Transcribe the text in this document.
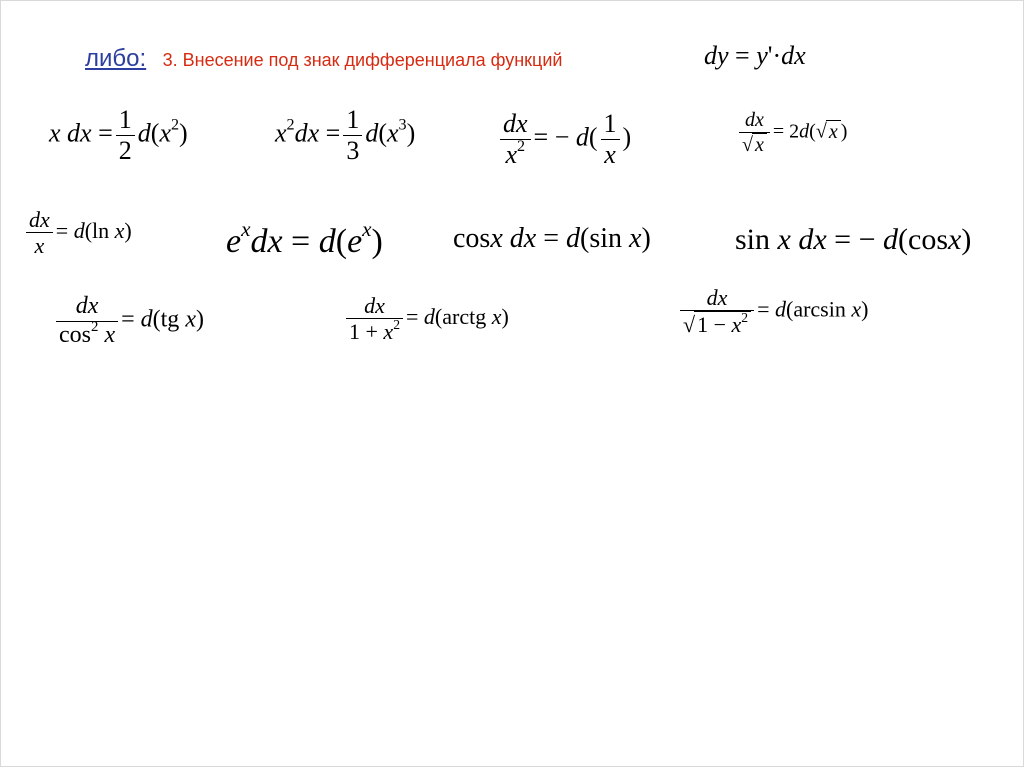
либо: 3. Внесение под знак дифференциала функций	dy = y'·dx
x dx = $\frac{1}{2} d(x^2)$	$x^2dx = \frac{1}{3} d(x^3)$	$\frac{dx}{x^2}$ = − $d( \frac{1}{x}$ )	$\frac{dx}{√ x} = 2d(√$ x )
$\frac{dx}{x} = d(\ln$ x)	$e^xdx = d(e^x)$	cosx dx = d(sin x)	sin x dx = − d(cosx)
$\frac{dx}{\cos^2 x} = d(tg$ x)	$\frac{dx}{1 + x^2}$ = d(arctg x)	$\frac{dx}{√1 - x^2} = d(\arcsin$ x)
